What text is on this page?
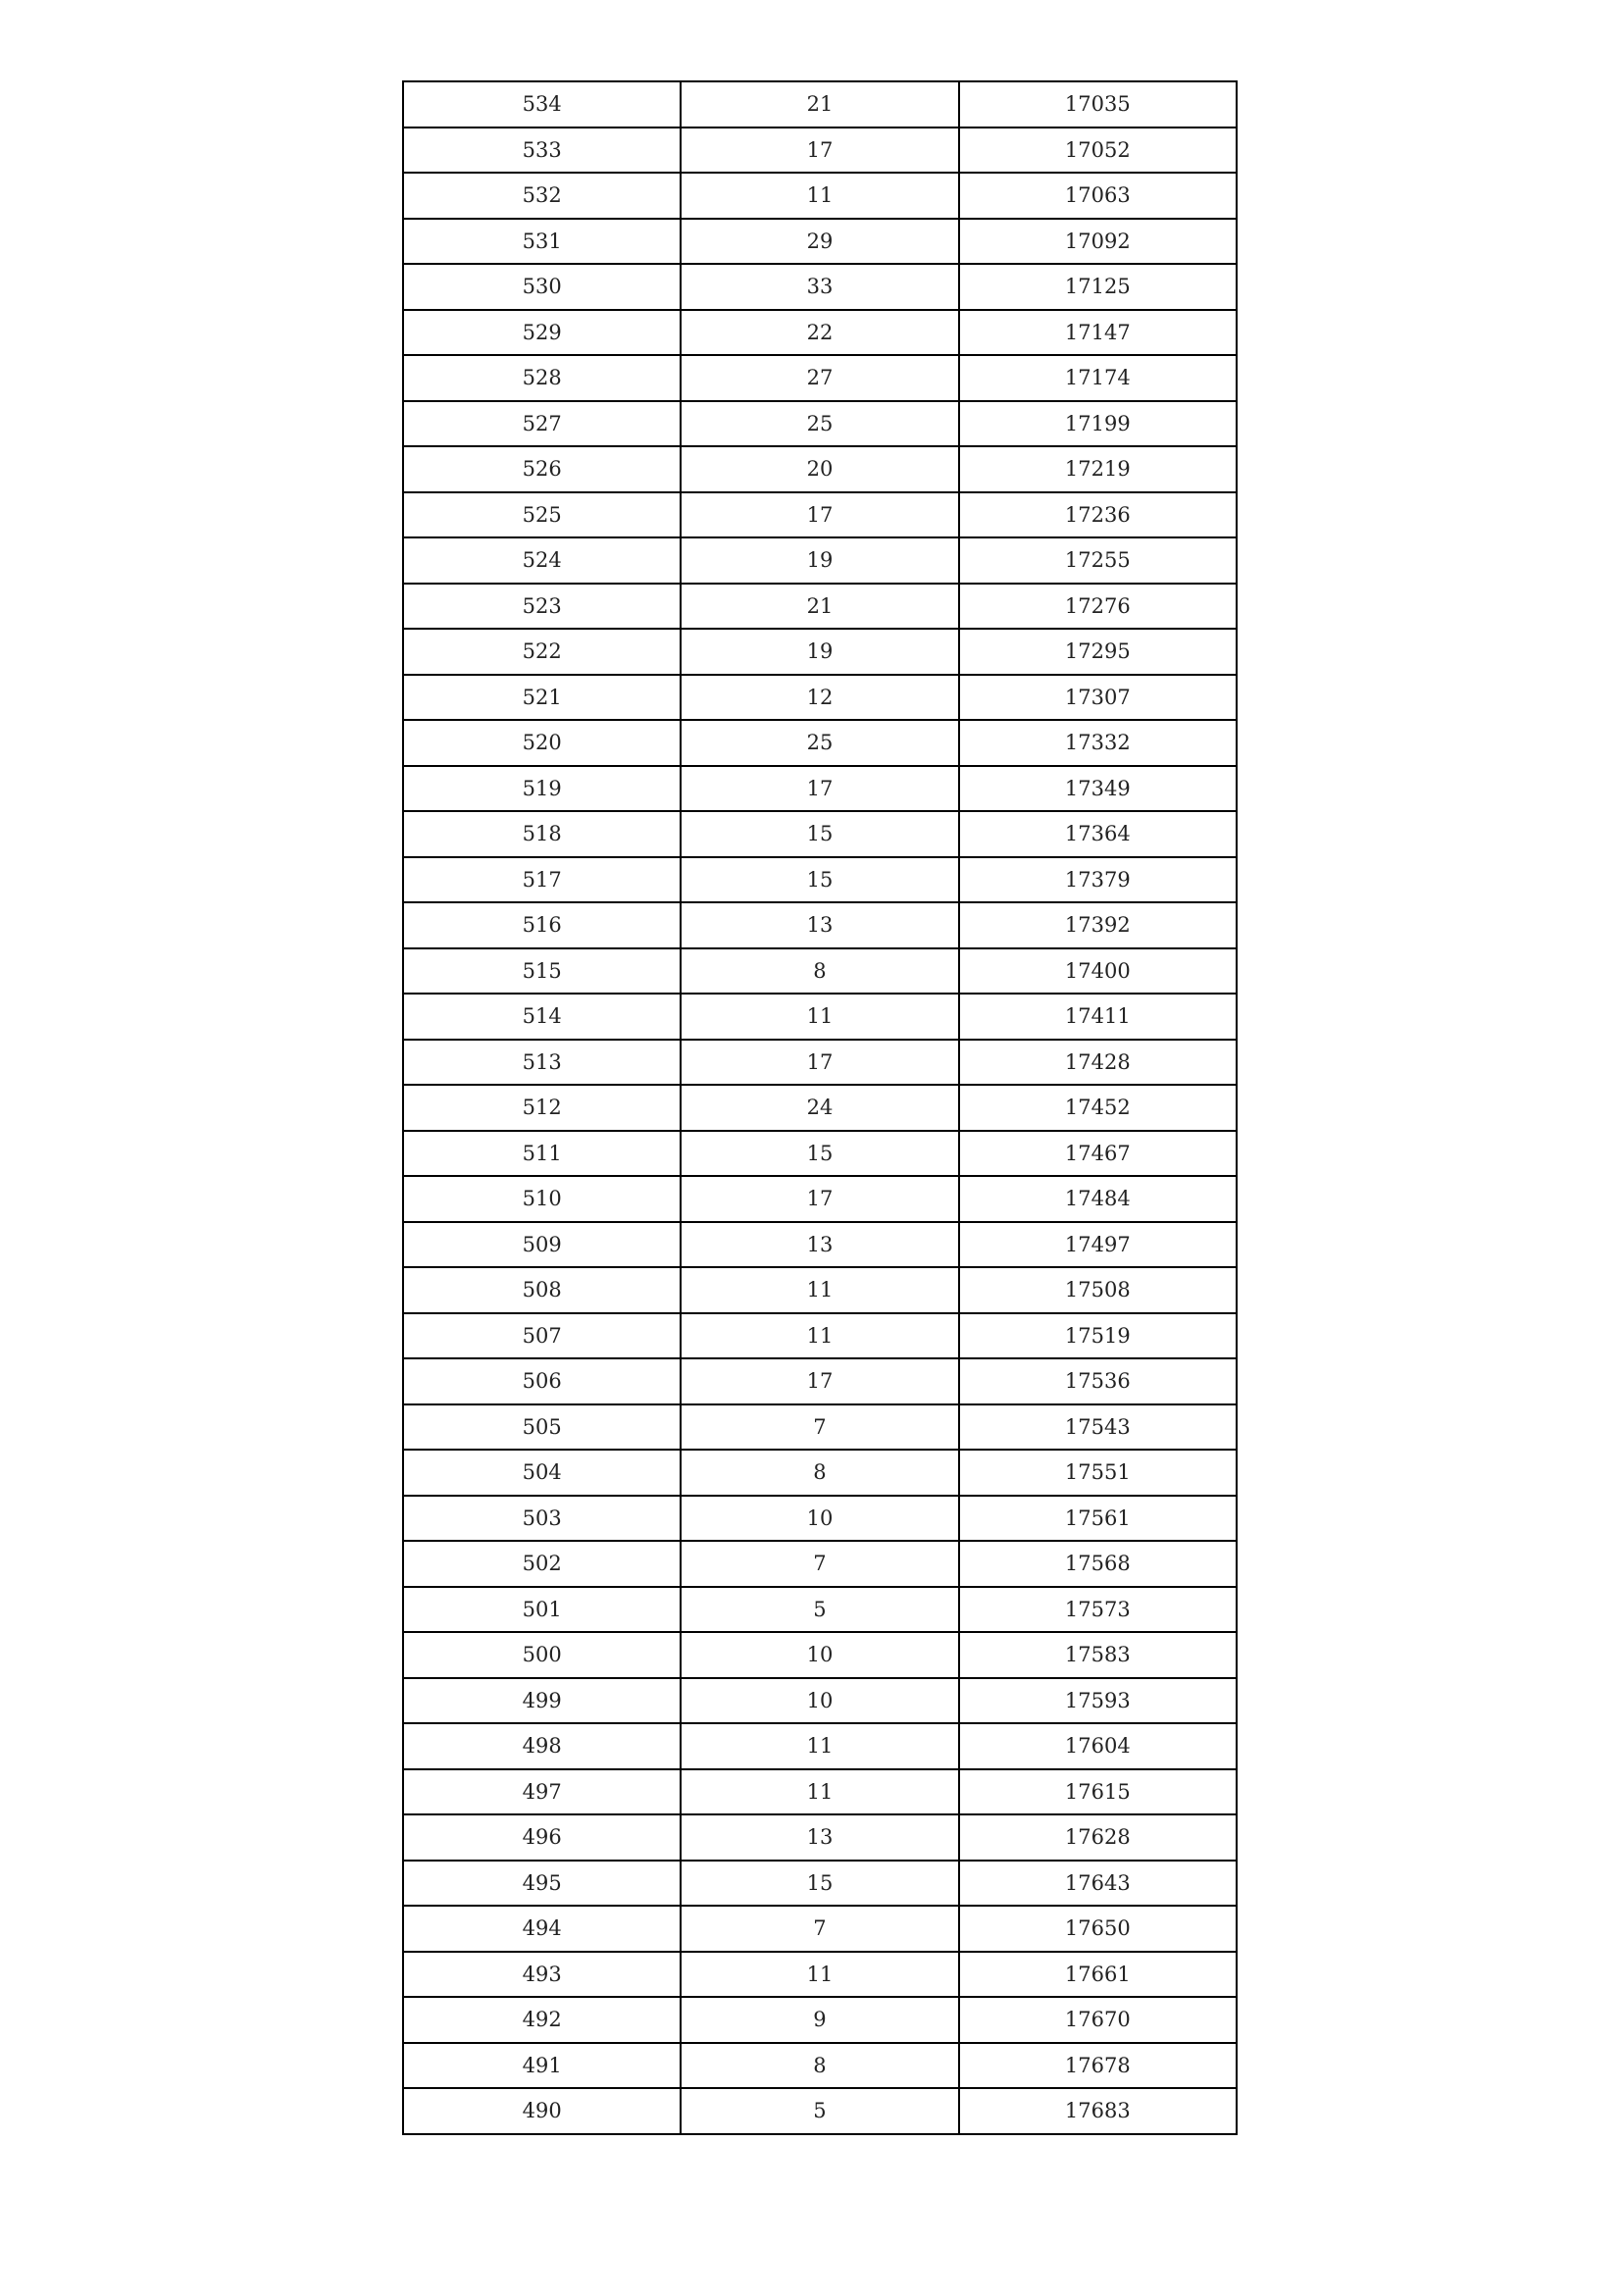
534	21	17035
533	17	17052
532	11	17063
531	29	17092
530	33	17125
529	22	17147
528	27	17174
527	25	17199
526	20	17219
525	17	17236
524	19	17255
523	21	17276
522	19	17295
521	12	17307
520	25	17332
519	17	17349
518	15	17364
517	15	17379
516	13	17392
515	8	17400
514	11	17411
513	17	17428
512	24	17452
511	15	17467
510	17	17484
509	13	17497
508	11	17508
507	11	17519
506	17	17536
505	7	17543
504	8	17551
503	10	17561
502	7	17568
501	5	17573
500	10	17583
499	10	17593
498	11	17604
497	11	17615
496	13	17628
495	15	17643
494	7	17650
493	11	17661
492	9	17670
491	8	17678
490	5	17683
